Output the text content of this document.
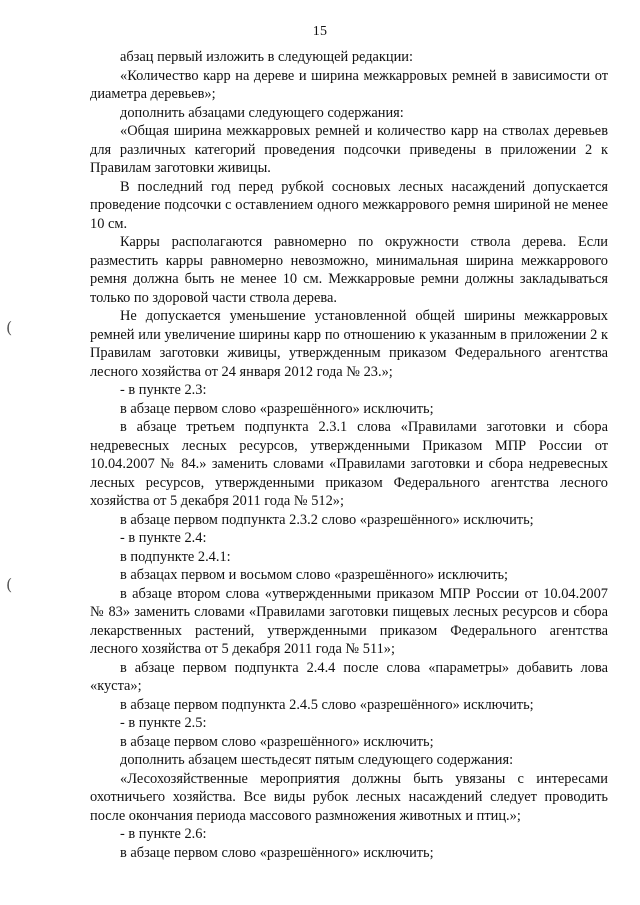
15
(
(

абзац первый изложить в следующей редакции:

«Количество карр на дереве и ширина межкарровых ремней в зависимости от диаметра деревьев»;

дополнить абзацами следующего содержания:

«Общая ширина межкарровых ремней и количество карр на стволах деревьев для различных категорий проведения подсочки приведены в приложении 2 к Правилам заготовки живицы.

В последний год перед рубкой сосновых лесных насаждений допускается проведение подсочки с оставлением одного межкаррового ремня шириной не менее 10 см.

Карры располагаются равномерно по окружности ствола дерева. Если разместить карры равномерно невозможно, минимальная ширина межкаррового ремня должна быть не менее 10 см. Межкарровые ремни должны закладываться только по здоровой части ствола дерева.

Не допускается уменьшение установленной общей ширины межкарровых ремней или увеличение ширины карр по отношению к указанным в приложении 2 к Правилам заготовки живицы, утвержденным приказом Федерального агентства лесного хозяйства от 24 января 2012 года № 23.»;

- в пункте 2.3:

в абзаце первом слово «разрешённого» исключить;

в абзаце третьем подпункта 2.3.1 слова «Правилами заготовки и сбора недревесных лесных ресурсов, утвержденными Приказом МПР России от 10.04.2007 № 84.» заменить словами «Правилами заготовки и сбора недревесных лесных ресурсов, утвержденными приказом Федерального агентства лесного хозяйства от 5 декабря 2011 года № 512»;

в абзаце первом подпункта 2.3.2 слово «разрешённого» исключить;

- в пункте 2.4:

в подпункте 2.4.1:

в абзацах первом и восьмом слово «разрешённого» исключить;

в абзаце втором слова «утвержденными приказом МПР России от 10.04.2007 № 83» заменить словами «Правилами заготовки пищевых лесных ресурсов и сбора лекарственных растений, утвержденными приказом Федерального агентства лесного хозяйства от 5 декабря 2011 года № 511»;

в абзаце первом подпункта 2.4.4 после слова «параметры» добавить лова «куста»;

в абзаце первом подпункта 2.4.5 слово «разрешённого» исключить;

- в пункте 2.5:

в абзаце первом слово «разрешённого» исключить;

дополнить абзацем шестьдесят пятым следующего содержания:

«Лесохозяйственные мероприятия должны быть увязаны с интересами охотничьего хозяйства. Все виды рубок лесных насаждений следует проводить после окончания периода массового размножения животных и птиц.»;

- в пункте 2.6:

в абзаце первом слово «разрешённого» исключить;
